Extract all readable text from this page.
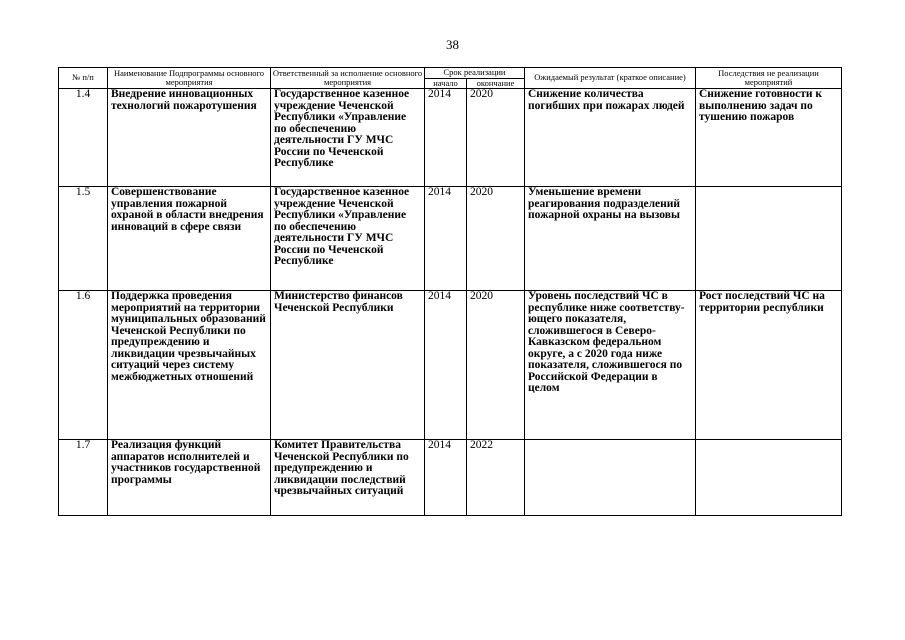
38
№ п/п	Наименование Подпрограммы основного мероприятия	Ответственный за исполнение основного мероприятия	Срок реализации		Ожидаемый результат (краткое описание)	Последствия не реализации мероприятий
			начало	окончание		
1.4	Внедрение инновационных технологий пожаротушения	Государственное казенное учреждение Чеченской Республики «Управление по обеспечению деятельности ГУ МЧС России по Чеченской Республике	2014	2020	Снижение количества погибших при пожарах людей	Снижение готовности к выполнению задач по тушению пожаров
1.5	Совершенствование управления пожарной охраной в области внедрения инноваций в сфере связи	Государственное казенное учреждение Чеченской Республики «Управление по обеспечению деятельности ГУ МЧС России по Чеченской Республике	2014	2020	Уменьшение времени реагирования подразделений пожарной охраны на вызовы	
1.6	Поддержка проведения мероприятий на территории муниципальных образований Чеченской Республики по предупреждению и ликвидации чрезвычайных ситуаций через систему межбюджетных отношений	Министерство финансов Чеченской Республики	2014	2020	Уровень последствий ЧС в республике ниже соответству-ющего показателя, сложившегося в Северо-Кавказском федеральном округе, а с 2020 года ниже показателя, сложившегося по Российской Федерации в целом	Рост последствий ЧС на территории республики
1.7	Реализация функций аппаратов исполнителей и участников государственной программы	Комитет Правительства Чеченской Республики по предупреждению и ликвидации последствий чрезвычайных ситуаций	2014	2022		
